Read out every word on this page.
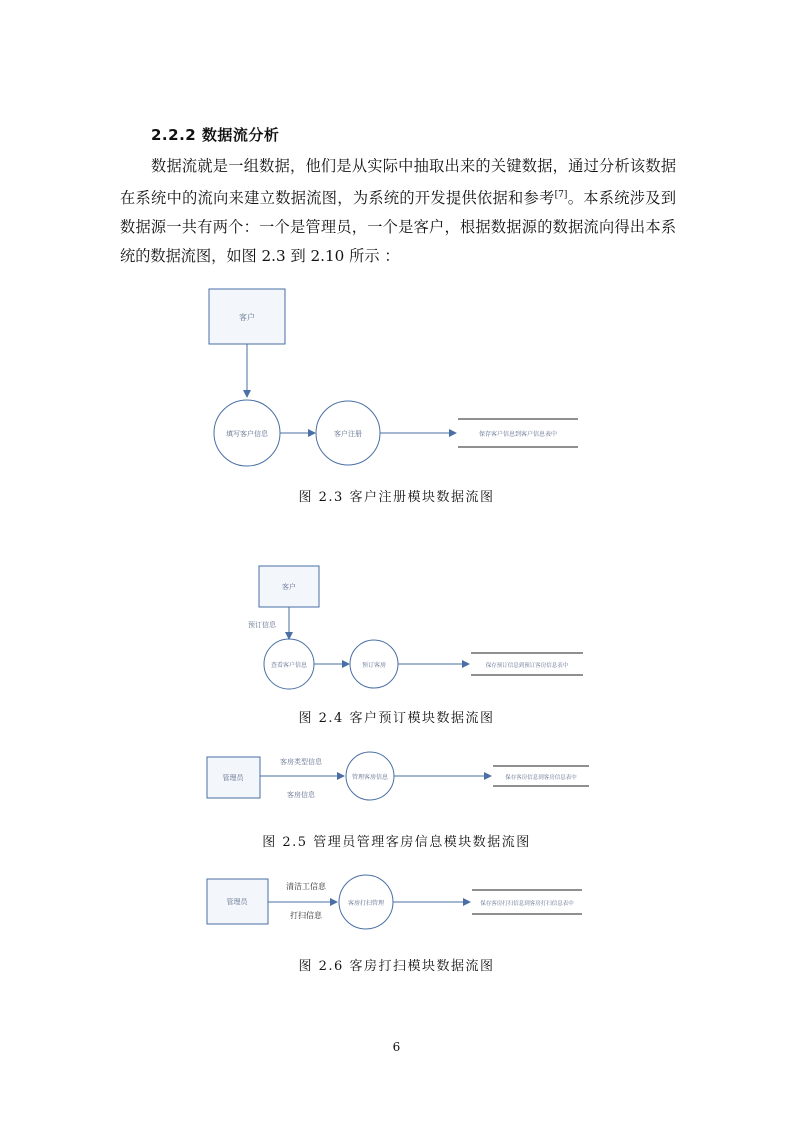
2.2.2 数据流分析
数据流就是一组数据，他们是从实际中抽取出来的关键数据，通过分析该数据在系统中的流向来建立数据流图，为系统的开发提供依据和参考[7]。本系统涉及到数据源一共有两个：一个是管理员，一个是客户，根据数据源的数据流向得出本系统的数据流图，如图 2.3 到 2.10 所示 ：
客户
填写客户信息	客户注册	保存客户信息到客户信息表中
客户
预订信息
查看客户信息	预订客房	保存预订信息到预订客房信息表中
管理员
客房类型信息
客房信息
管理客房信息	保存客房信息到客房信息表中
管理员
清洁工信息
打扫信息
客房打扫管理	保存客房打扫信息到客房打扫信息表中
图 2.3 客户注册模块数据流图
图 2.4 客户预订模块数据流图
图 2.5 管理员管理客房信息模块数据流图
图 2.6 客房打扫模块数据流图
6
